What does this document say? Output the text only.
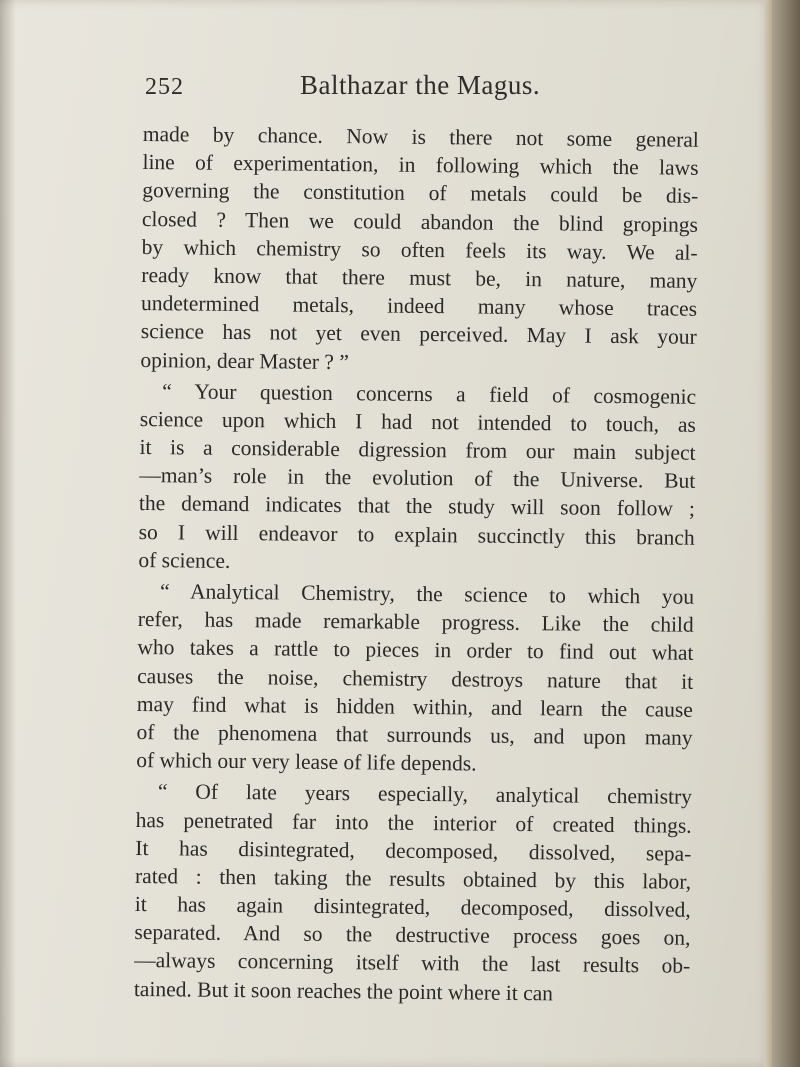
252	Balthazar the Magus.
made by chance. Now is there not some general
line of experimentation, in following which the laws
governing the constitution of metals could be dis-
closed ? Then we could abandon the blind gropings
by which chemistry so often feels its way. We al-
ready know that there must be, in nature, many
undetermined metals, indeed many whose traces
science has not yet even perceived. May I ask your
opinion, dear Master ? ”
“ Your question concerns a field of cosmogenic
science upon which I had not intended to touch, as
it is a considerable digression from our main subject
—man’s role in the evolution of the Universe. But
the demand indicates that the study will soon follow ;
so I will endeavor to explain succinctly this branch
of science.
“ Analytical Chemistry, the science to which you
refer, has made remarkable progress. Like the child
who takes a rattle to pieces in order to find out what
causes the noise, chemistry destroys nature that it
may find what is hidden within, and learn the cause
of the phenomena that surrounds us, and upon many
of which our very lease of life depends.
“ Of late years especially, analytical chemistry
has penetrated far into the interior of created things.
It has disintegrated, decomposed, dissolved, sepa-
rated : then taking the results obtained by this labor,
it has again disintegrated, decomposed, dissolved,
separated. And so the destructive process goes on,
—always concerning itself with the last results ob-
tained. But it soon reaches the point where it can
